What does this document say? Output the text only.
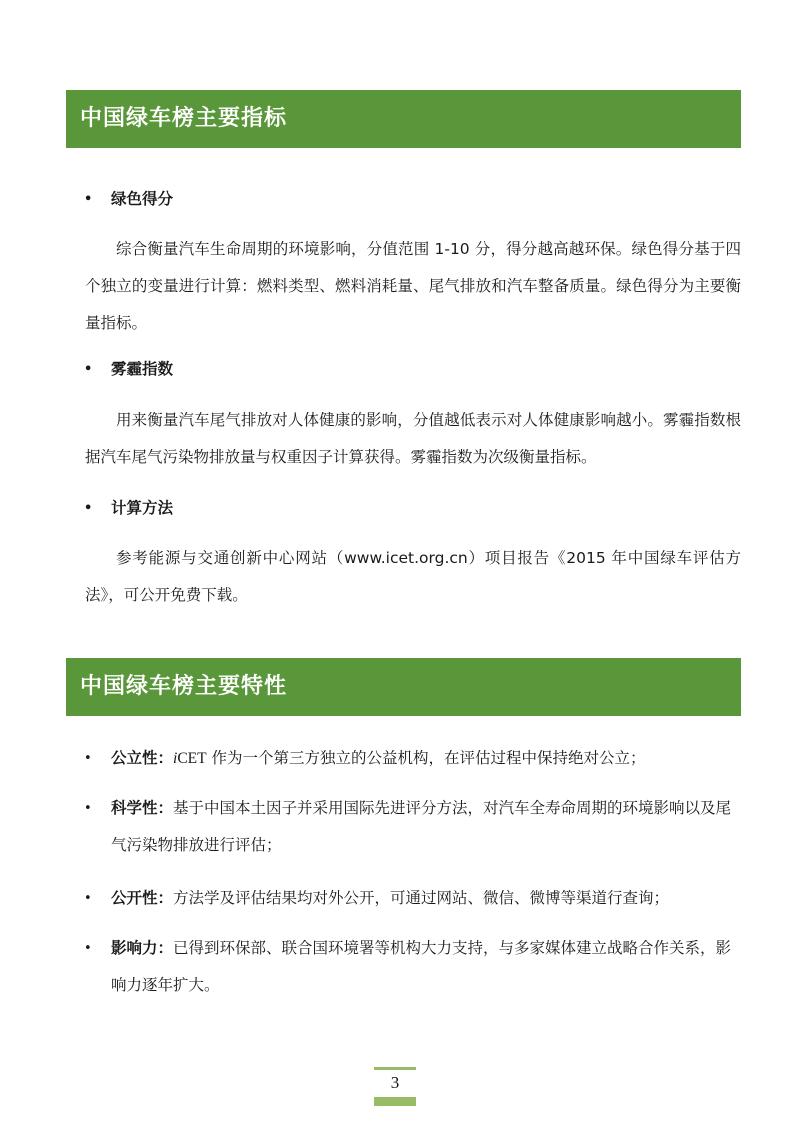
中国绿车榜主要指标
• 绿色得分
综合衡量汽车生命周期的环境影响，分值范围 1-10 分，得分越高越环保。绿色得分基于四个独立的变量进行计算：燃料类型、燃料消耗量、尾气排放和汽车整备质量。绿色得分为主要衡量指标。
• 雾霾指数
用来衡量汽车尾气排放对人体健康的影响，分值越低表示对人体健康影响越小。雾霾指数根据汽车尾气污染物排放量与权重因子计算获得。雾霾指数为次级衡量指标。
• 计算方法
参考能源与交通创新中心网站（www.icet.org.cn）项目报告《2015 年中国绿车评估方法》，可公开免费下载。
中国绿车榜主要特性
• 公立性：iCET 作为一个第三方独立的公益机构，在评估过程中保持绝对公立；
• 科学性：基于中国本土因子并采用国际先进评分方法，对汽车全寿命周期的环境影响以及尾气污染物排放进行评估；
• 公开性：方法学及评估结果均对外公开，可通过网站、微信、微博等渠道行查询；
• 影响力：已得到环保部、联合国环境署等机构大力支持，与多家媒体建立战略合作关系，影响力逐年扩大。
3
